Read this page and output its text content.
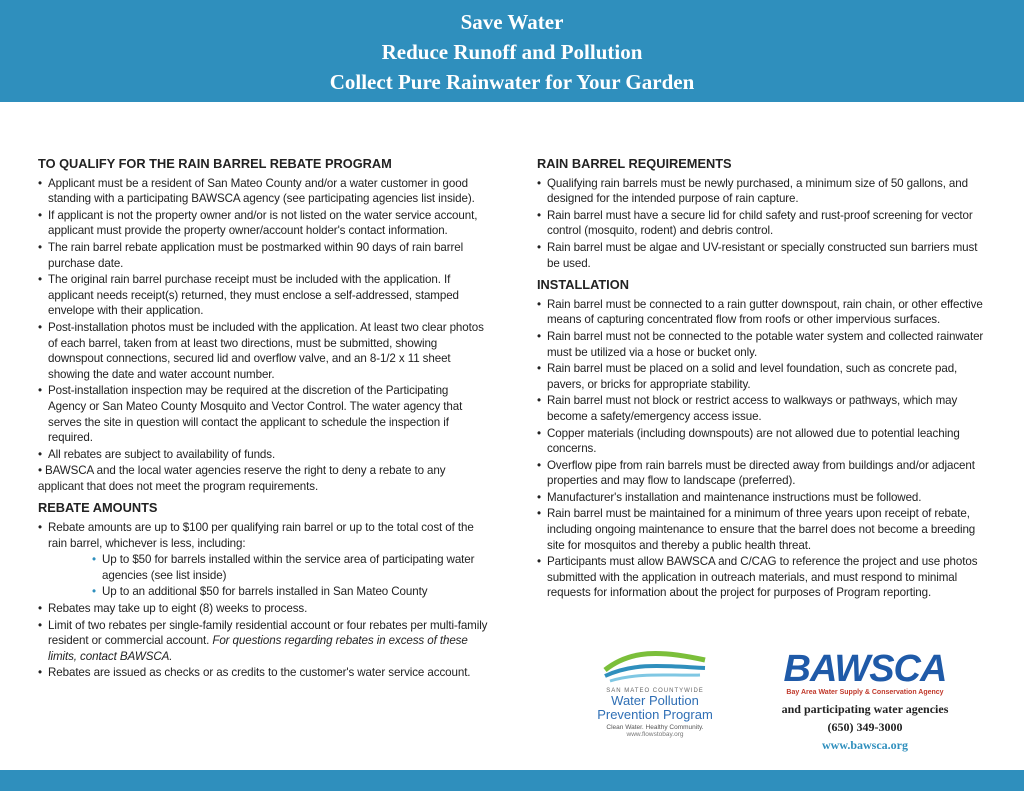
Save Water
Reduce Runoff and Pollution
Collect Pure Rainwater for Your Garden
TO QUALIFY FOR THE RAIN BARREL REBATE PROGRAM
• Applicant must be a resident of San Mateo County and/or a water customer in good standing with a participating BAWSCA agency (see participating agencies list inside).
• If applicant is not the property owner and/or is not listed on the water service account, applicant must provide the property owner/account holder's contact information.
• The rain barrel rebate application must be postmarked within 90 days of rain barrel purchase date.
• The original rain barrel purchase receipt must be included with the application. If applicant needs receipt(s) returned, they must enclose a self-addressed, stamped envelope with their application.
• Post-installation photos must be included with the application. At least two clear photos of each barrel, taken from at least two directions, must be submitted, showing downspout connections, secured lid and overflow valve, and an 8-1/2 x 11 sheet showing the date and water account number.
• Post-installation inspection may be required at the discretion of the Participating Agency or San Mateo County Mosquito and Vector Control. The water agency that serves the site in question will contact the applicant to schedule the inspection if required.
• All rebates are subject to availability of funds.
• BAWSCA and the local water agencies reserve the right to deny a rebate to any applicant that does not meet the program requirements.
REBATE AMOUNTS
• Rebate amounts are up to $100 per qualifying rain barrel or up to the total cost of the rain barrel, whichever is less, including:
• Up to $50 for barrels installed within the service area of participating water agencies (see list inside)
• Up to an additional $50 for barrels installed in San Mateo County
• Rebates may take up to eight (8) weeks to process.
• Limit of two rebates per single-family residential account or four rebates per multi-family resident or commercial account. For questions regarding rebates in excess of these limits, contact BAWSCA.
• Rebates are issued as checks or as credits to the customer's water service account.
RAIN BARREL REQUIREMENTS
• Qualifying rain barrels must be newly purchased, a minimum size of 50 gallons, and designed for the intended purpose of rain capture.
• Rain barrel must have a secure lid for child safety and rust-proof screening for vector control (mosquito, rodent) and debris control.
• Rain barrel must be algae and UV-resistant or specially constructed sun barriers must be used.
INSTALLATION
• Rain barrel must be connected to a rain gutter downspout, rain chain, or other effective means of capturing concentrated flow from roofs or other impervious surfaces.
• Rain barrel must not be connected to the potable water system and collected rainwater must be utilized via a hose or bucket only.
• Rain barrel must be placed on a solid and level foundation, such as concrete pad, pavers, or bricks for appropriate stability.
• Rain barrel must not block or restrict access to walkways or pathways, which may become a safety/emergency access issue.
• Copper materials (including downspouts) are not allowed due to potential leaching concerns.
• Overflow pipe from rain barrels must be directed away from buildings and/or adjacent properties and may flow to landscape (preferred).
• Manufacturer's installation and maintenance instructions must be followed.
• Rain barrel must be maintained for a minimum of three years upon receipt of rebate, including ongoing maintenance to ensure that the barrel does not become a breeding site for mosquitos and thereby a public health threat.
• Participants must allow BAWSCA and C/CAG to reference the project and use photos submitted with the application in outreach materials, and must respond to minimal requests for information about the project for purposes of Program reporting.
SAN MATEO COUNTYWIDE
Water Pollution
Prevention Program
Clean Water. Healthy Community.
www.flowstobay.org
BAWSCA
Bay Area Water Supply & Conservation Agency
and participating water agencies
(650) 349-3000
www.bawsca.org
